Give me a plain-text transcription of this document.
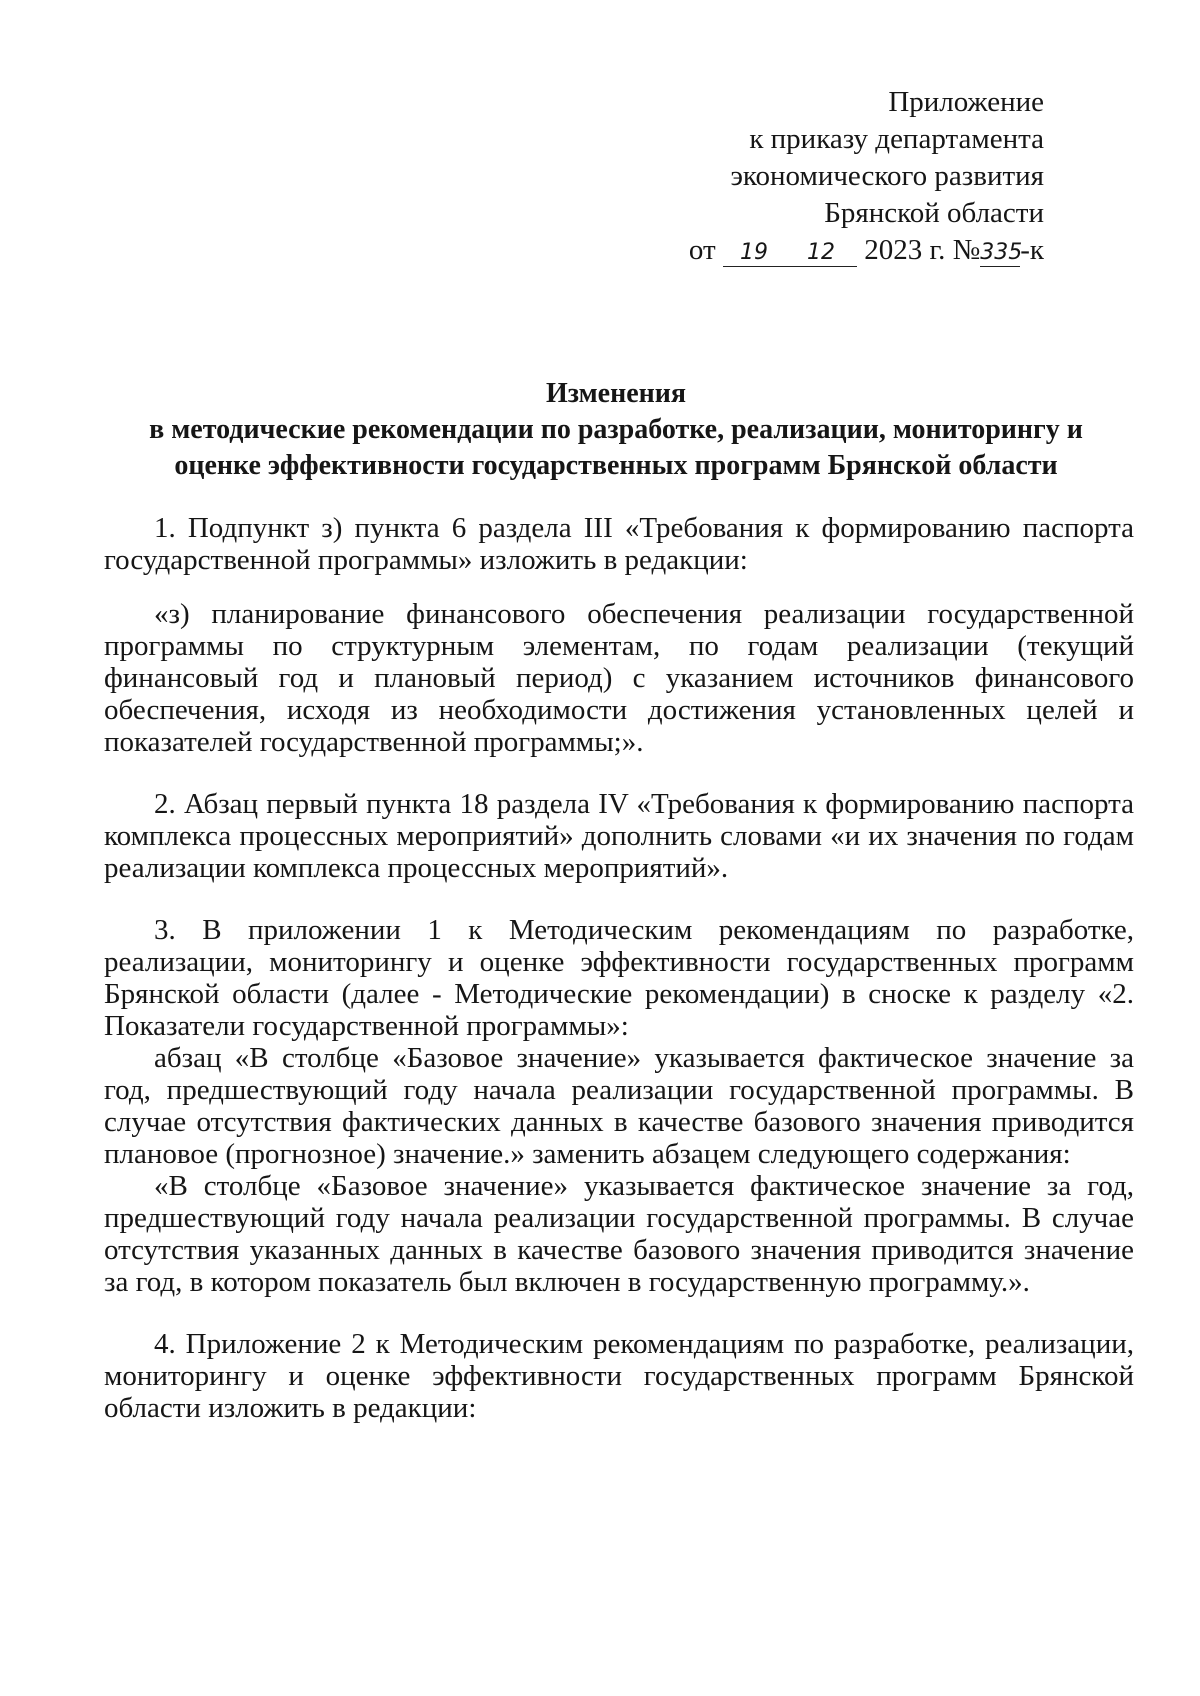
Приложение
к приказу департамента
экономического развития
Брянской области
от 19 12 2023 г. №335-к
Изменения
в методические рекомендации по разработке, реализации, мониторингу и
оценке эффективности государственных программ Брянской области

1. Подпункт з) пункта 6 раздела III «Требования к формированию паспорта государственной программы» изложить в редакции:

«з) планирование финансового обеспечения реализации государственной программы по структурным элементам, по годам реализации (текущий финансовый год и плановый период) с указанием источников финансового обеспечения, исходя из необходимости достижения установленных целей и показателей государственной программы;».

2. Абзац первый пункта 18 раздела IV «Требования к формированию паспорта комплекса процессных мероприятий» дополнить словами «и их значения по годам реализации комплекса процессных мероприятий».

3. В приложении 1 к Методическим рекомендациям по разработке, реализации, мониторингу и оценке эффективности государственных программ Брянской области (далее - Методические рекомендации) в сноске к разделу «2. Показатели государственной программы»:

абзац «В столбце «Базовое значение» указывается фактическое значение за год, предшествующий году начала реализации государственной программы. В случае отсутствия фактических данных в качестве базового значения приводится плановое (прогнозное) значение.» заменить абзацем следующего содержания:

«В столбце «Базовое значение» указывается фактическое значение за год, предшествующий году начала реализации государственной программы. В случае отсутствия указанных данных в качестве базового значения приводится значение за год, в котором показатель был включен в государственную программу.».

4. Приложение 2 к Методическим рекомендациям по разработке, реализации, мониторингу и оценке эффективности государственных программ Брянской области изложить в редакции:
